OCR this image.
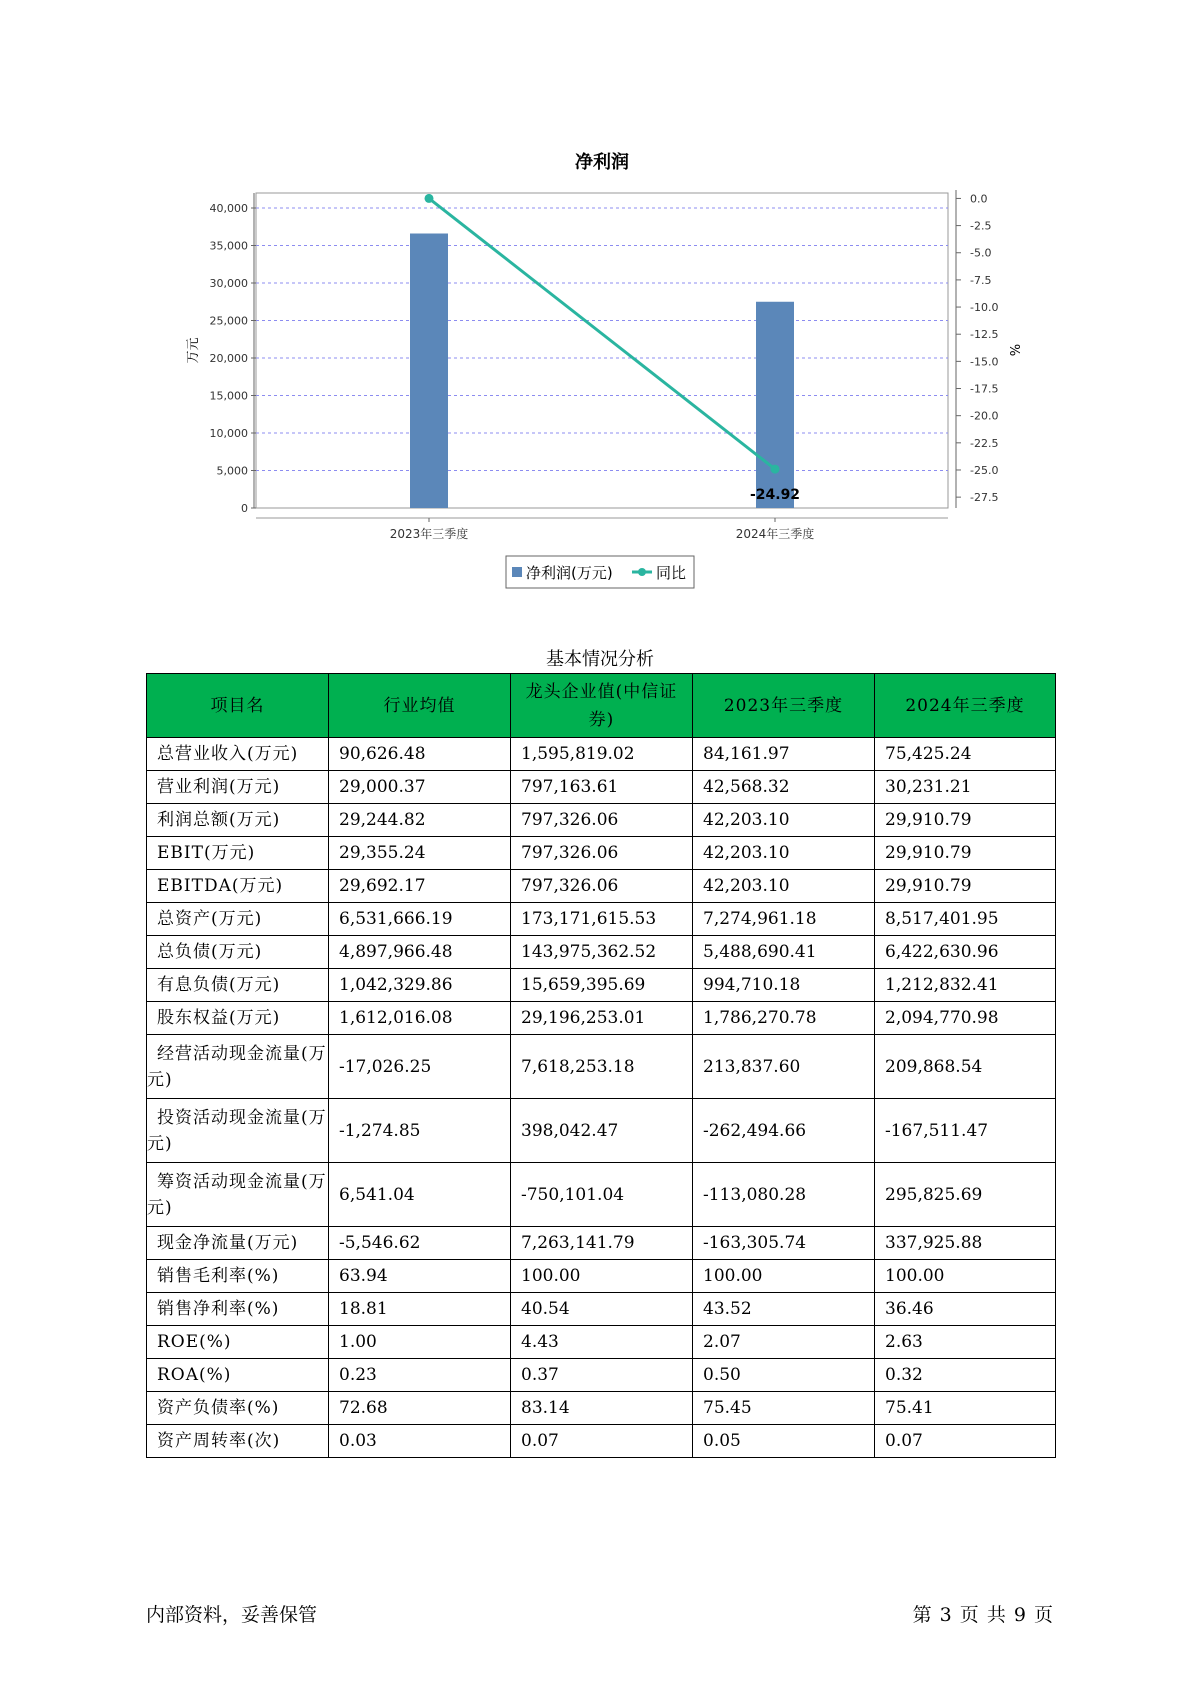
净利润
0
5,000
10,000
15,000
20,000
25,000
30,000
35,000
40,000
万元
0.0
-2.5
-5.0
-7.5
-10.0
-12.5
-15.0
-17.5
-20.0
-22.5
-25.0
-27.5
%
2023年三季度	2024年三季度
-24.92
净利润(万元)	同比
基本情况分析
项目名	行业均值	龙头企业值(中信证券)	2023年三季度	2024年三季度
总营业收入(万元)	90,626.48	1,595,819.02	84,161.97	75,425.24
营业利润(万元)	29,000.37	797,163.61	42,568.32	30,231.21
利润总额(万元)	29,244.82	797,326.06	42,203.10	29,910.79
EBIT(万元)	29,355.24	797,326.06	42,203.10	29,910.79
EBITDA(万元)	29,692.17	797,326.06	42,203.10	29,910.79
总资产(万元)	6,531,666.19	173,171,615.53	7,274,961.18	8,517,401.95
总负债(万元)	4,897,966.48	143,975,362.52	5,488,690.41	6,422,630.96
有息负债(万元)	1,042,329.86	15,659,395.69	994,710.18	1,212,832.41
股东权益(万元)	1,612,016.08	29,196,253.01	1,786,270.78	2,094,770.98
经营活动现金流量(万元)	-17,026.25	7,618,253.18	213,837.60	209,868.54
投资活动现金流量(万元)	-1,274.85	398,042.47	-262,494.66	-167,511.47
筹资活动现金流量(万元)	6,541.04	-750,101.04	-113,080.28	295,825.69
现金净流量(万元)	-5,546.62	7,263,141.79	-163,305.74	337,925.88
销售毛利率(%)	63.94	100.00	100.00	100.00
销售净利率(%)	18.81	40.54	43.52	36.46
ROE(%)	1.00	4.43	2.07	2.63
ROA(%)	0.23	0.37	0.50	0.32
资产负债率(%)	72.68	83.14	75.45	75.41
资产周转率(次)	0.03	0.07	0.05	0.07
内部资料，妥善保管	第 3 页 共 9 页
